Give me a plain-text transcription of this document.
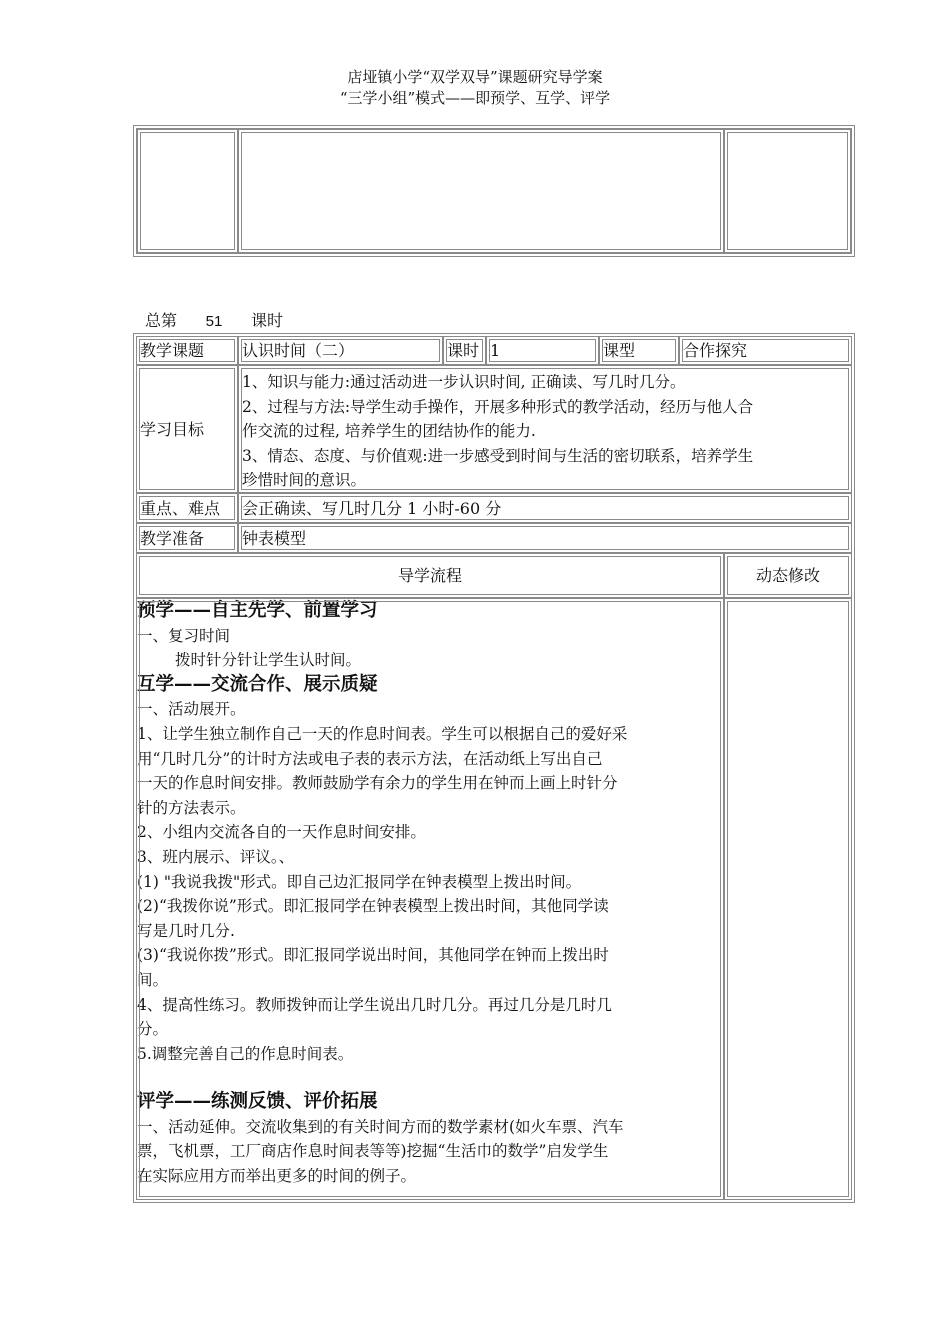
店垭镇小学“双学双导”课题研究导学案
“三学小组”模式——即预学、互学、评学
总第 51 课时
教学课题 认识时间（二）	课时 1	课型	合作探究
学习目标
1、知识与能力:通过活动进一步认识时间, 正确读、写几时几分。
2、过程与方法:导学生动手操作，开展多种形式的教学活动，经历与他人合
作交流的过程, 培养学生的团结协作的能力.
3、情态、态度、与价值观:进一步感受到时间与生活的密切联系，培养学生
珍惜时间的意识。
重点、难点 会正确读、写几时几分 1 小时-60 分
教学准备 钟表模型
导学流程	动态修改
预学——自主先学、前置学习
一、复习时间
拨时针分针让学生认时间。
互学——交流合作、展示质疑
一、活动展开。
1、让学生独立制作自己一天的作息时间表。学生可以根据自己的爱好采
用“几时几分”的计时方法或电子表的表示方法，在活动纸上写出自己
一天的作息时间安排。教师鼓励学有余力的学生用在钟而上画上时针分
针的方法表示。
2、小组内交流各自的一天作息时间安排。
3、班内展示、评议。、
(1) "我说我拨"形式。即自己边汇报同学在钟表模型上拨出时间。
(2)“我拨你说”形式。即汇报同学在钟表模型上拨出时间，其他同学读
写是几时几分.
(3)“我说你拨”形式。即汇报同学说出时间，其他同学在钟而上拨出时
间。
4、提高性练习。教师拨钟而让学生说出几时几分。再过几分是几时几
分。
5.调整完善自己的作息时间表。
评学——练测反馈、评价拓展
一、活动延伸。交流收集到的有关时间方而的数学素材(如火车票、汽车
票，飞机票，工厂商店作息时间表等等)挖掘“生活巾的数学”启发学生
在实际应用方而举出更多的时间的例子。
